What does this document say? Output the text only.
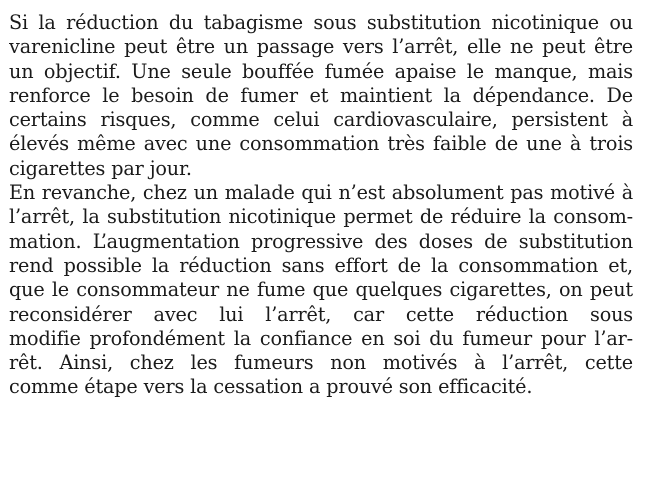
Si la réduction du tabagisme sous substitution nicotinique ou
varenicline peut être un passage vers l’arrêt, elle ne peut être
un objectif. Une seule bouffée fumée apaise le manque, mais
renforce le besoin de fumer et maintient la dépendance. De
certains risques, comme celui cardiovasculaire, persistent à
élevés même avec une consommation très faible de une à trois
cigarettes par jour.
En revanche, chez un malade qui n’est absolument pas motivé à
l’arrêt, la substitution nicotinique permet de réduire la consom-
mation. L’augmentation progressive des doses de substitution
rend possible la réduction sans effort de la consommation et,
que le consommateur ne fume que quelques cigarettes, on peut
reconsidérer avec lui l’arrêt, car cette réduction sous
modifie profondément la confiance en soi du fumeur pour l’ar-
rêt. Ainsi, chez les fumeurs non motivés à l’arrêt, cette
comme étape vers la cessation a prouvé son efficacité.
